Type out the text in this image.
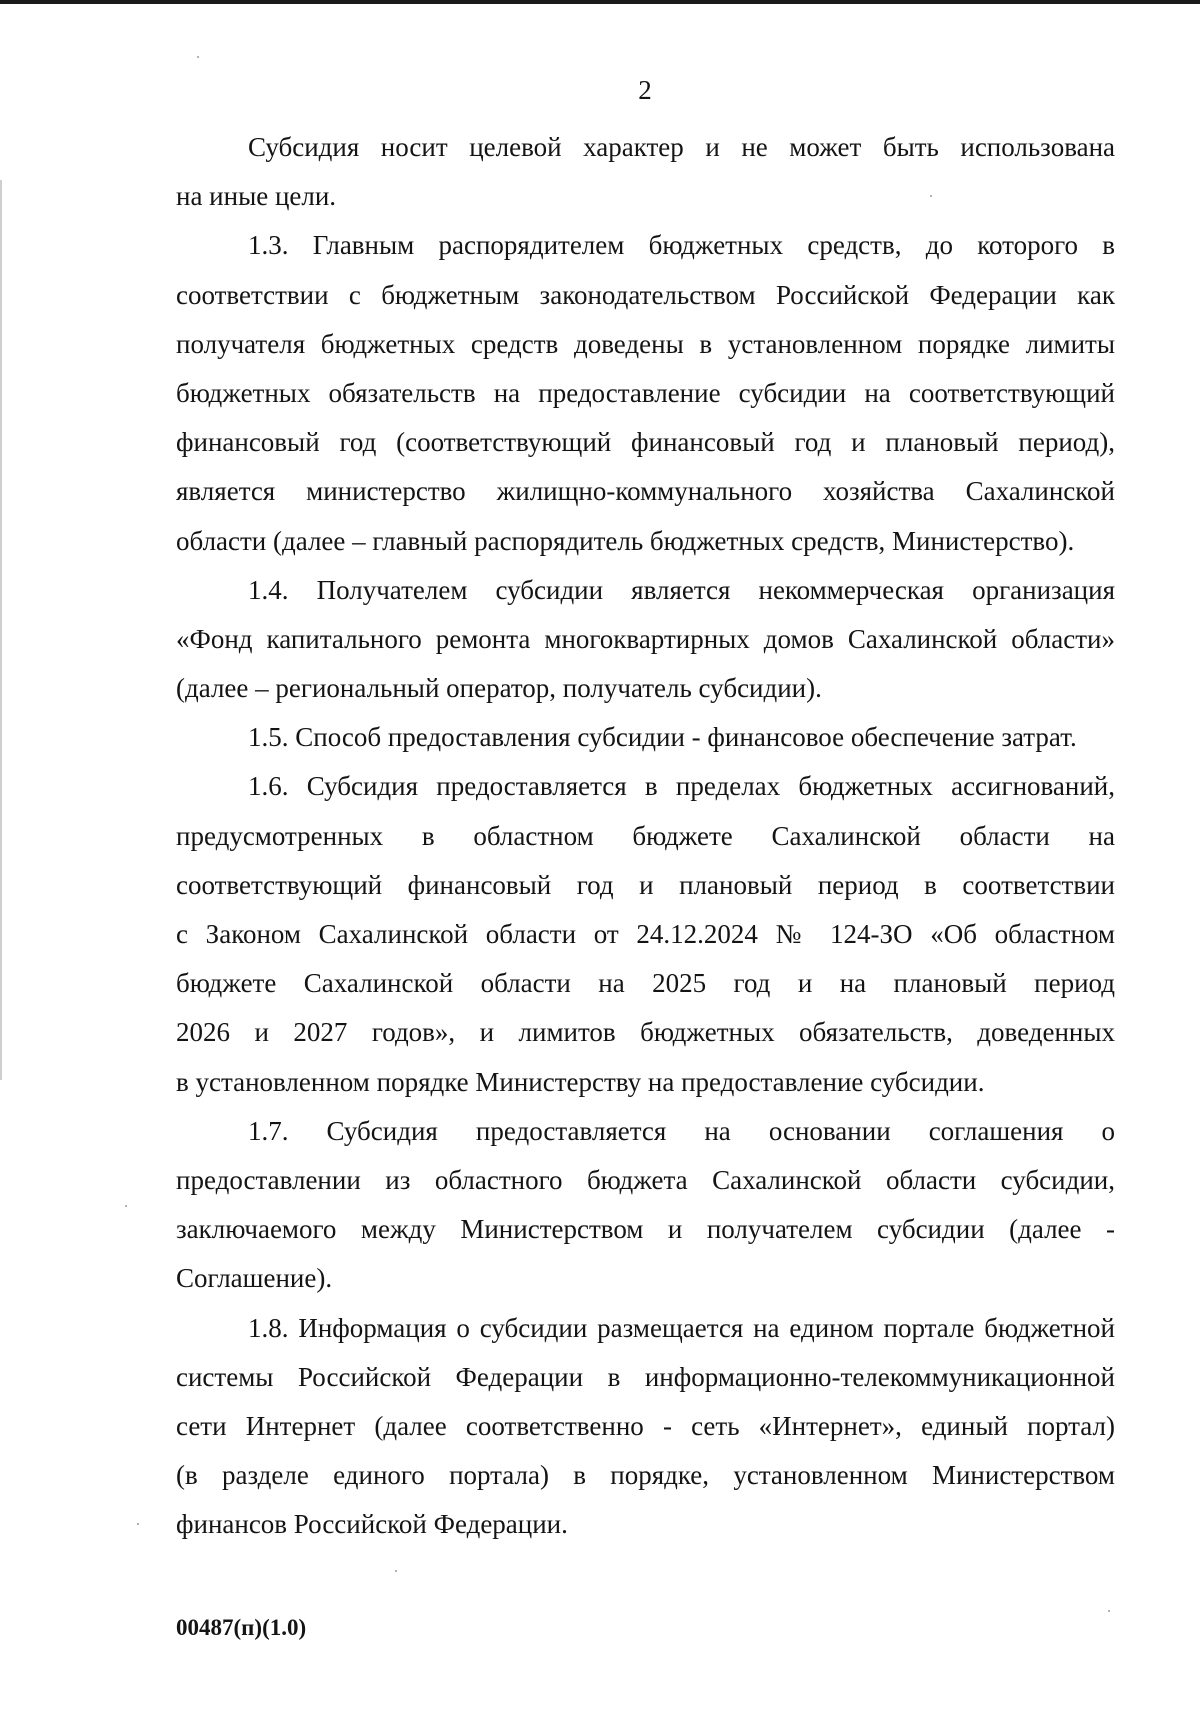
2
Субсидия носит целевой характер и не может быть использована
на иные цели.
1.3. Главным распорядителем бюджетных средств, до которого в
соответствии с бюджетным законодательством Российской Федерации как
получателя бюджетных средств доведены в установленном порядке лимиты
бюджетных обязательств на предоставление субсидии на соответствующий
финансовый год (соответствующий финансовый год и плановый период),
является министерство жилищно-коммунального хозяйства Сахалинской
области (далее – главный распорядитель бюджетных средств, Министерство).
1.4. Получателем субсидии является некоммерческая организация
«Фонд капитального ремонта многоквартирных домов Сахалинской области»
(далее – региональный оператор, получатель субсидии).
1.5. Способ предоставления субсидии - финансовое обеспечение затрат.
1.6. Субсидия предоставляется в пределах бюджетных ассигнований,
предусмотренных в областном бюджете Сахалинской области на
соответствующий финансовый год и плановый период в соответствии
с Законом Сахалинской области от 24.12.2024 № 124-ЗО «Об областном
бюджете Сахалинской области на 2025 год и на плановый период
2026 и 2027 годов», и лимитов бюджетных обязательств, доведенных
в установленном порядке Министерству на предоставление субсидии.
1.7. Субсидия предоставляется на основании соглашения о
предоставлении из областного бюджета Сахалинской области субсидии,
заключаемого между Министерством и получателем субсидии (далее -
Соглашение).
1.8. Информация о субсидии размещается на едином портале бюджетной
системы Российской Федерации в информационно-телекоммуникационной
сети Интернет (далее соответственно - сеть «Интернет», единый портал)
(в разделе единого портала) в порядке, установленном Министерством
финансов Российской Федерации.
00487(п)(1.0)
